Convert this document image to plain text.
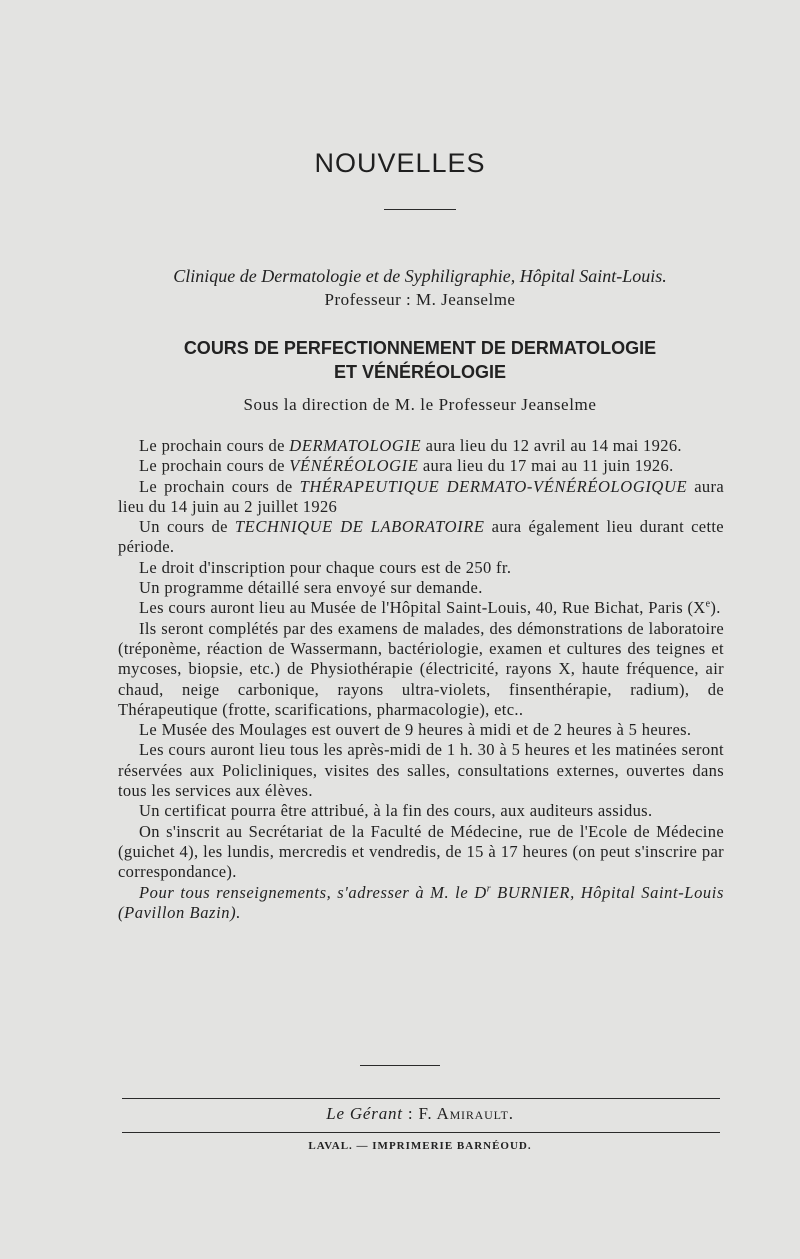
NOUVELLES
Clinique de Dermatologie et de Syphiligraphie, Hôpital Saint-Louis.
Professeur : M. Jeanselme
COURS DE PERFECTIONNEMENT DE DERMATOLOGIE
ET VÉNÉRÉOLOGIE
Sous la direction de M. le Professeur Jeanselme

Le prochain cours de DERMATOLOGIE aura lieu du 12 avril au 14 mai 1926.

Le prochain cours de VÉNÉRÉOLOGIE aura lieu du 17 mai au 11 juin 1926.

Le prochain cours de THÉRAPEUTIQUE DERMATO-VÉNÉRÉOLOGIQUE aura lieu du 14 juin au 2 juillet 1926

Un cours de TECHNIQUE DE LABORATOIRE aura également lieu durant cette période.

Le droit d'inscription pour chaque cours est de 250 fr.

Un programme détaillé sera envoyé sur demande.

Les cours auront lieu au Musée de l'Hôpital Saint-Louis, 40, Rue Bichat, Paris (Xe).

Ils seront complétés par des examens de malades, des démonstrations de laboratoire (tréponème, réaction de Wassermann, bactériologie, examen et cultures des teignes et mycoses, biopsie, etc.) de Physiothérapie (électricité, rayons X, haute fréquence, air chaud, neige carbonique, rayons ultra-violets, finsenthérapie, radium), de Thérapeutique (frotte, scarifications, pharmacologie), etc..

Le Musée des Moulages est ouvert de 9 heures à midi et de 2 heures à 5 heures.

Les cours auront lieu tous les après-midi de 1 h. 30 à 5 heures et les matinées seront réservées aux Policliniques, visites des salles, consultations externes, ouvertes dans tous les services aux élèves.

Un certificat pourra être attribué, à la fin des cours, aux auditeurs assidus.

On s'inscrit au Secrétariat de la Faculté de Médecine, rue de l'Ecole de Médecine (guichet 4), les lundis, mercredis et vendredis, de 15 à 17 heures (on peut s'inscrire par correspondance).

Pour tous renseignements, s'adresser à M. le $D^r$ BURNIER, Hôpital Saint-Louis (Pavillon Bazin).

Le Gérant : F. Amirault.
LAVAL. — IMPRIMERIE BARNÉOUD.
